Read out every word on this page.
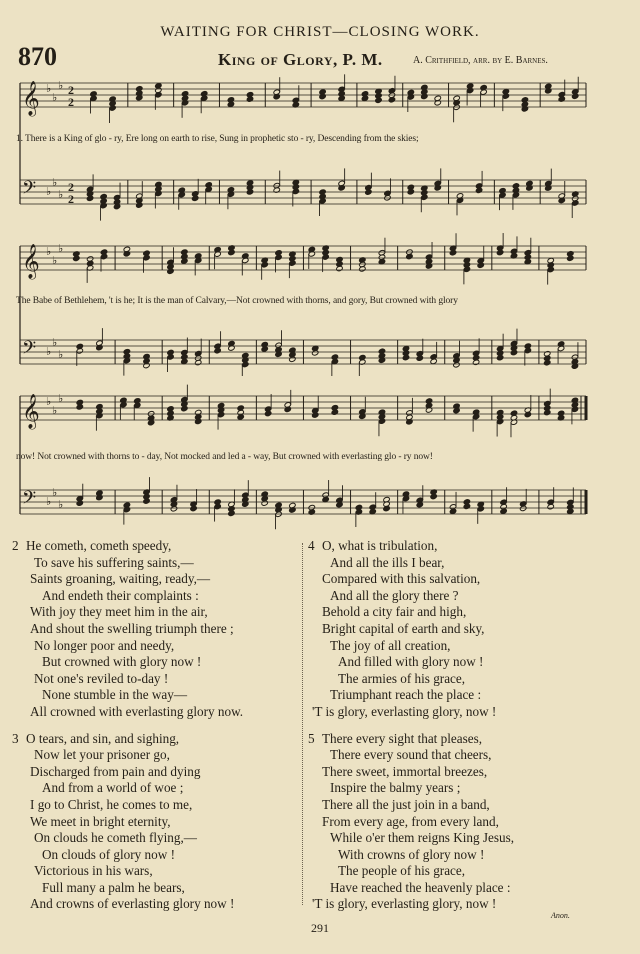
WAITING FOR CHRIST—CLOSING WORK.
870	King of Glory, P. M.	A. Crithfield, arr. by E. Barnes.
𝄞 ♭
♭
♭ 2
2
𝄢 ♭
♭
♭
2
2
1. There is a King of glo - ry, Ere long on earth to rise, Sung in prophetic sto - ry, Descending from the skies;
𝄞 ♭
♭
♭
𝄢 ♭
♭
♭
The Babe of Bethlehem, 't is he; It is the man of Calvary,—Not crowned with thorns, and gory, But crowned with glory
𝄞 ♭
♭
♭
𝄢 ♭
♭
♭
now! Not crowned with thorns to - day, Not mocked and led a - way, But crowned with everlasting glo - ry now!
2 He cometh, cometh speedy,
To save his suffering saints,—
Saints groaning, waiting, ready,—
And endeth their complaints :
With joy they meet him in the air,
And shout the swelling triumph there ;
No longer poor and needy,
But crowned with glory now !
Not one's reviled to-day !
None stumble in the way—
All crowned with everlasting glory now.
3 O tears, and sin, and sighing,
Now let your prisoner go,
Discharged from pain and dying
And from a world of woe ;
I go to Christ, he comes to me,
We meet in bright eternity,
On clouds he cometh flying,—
On clouds of glory now !
Victorious in his wars,
Full many a palm he bears,
And crowns of everlasting glory now !
4 O, what is tribulation,
And all the ills I bear,
Compared with this salvation,
And all the glory there ?
Behold a city fair and high,
Bright capital of earth and sky,
The joy of all creation,
And filled with glory now !
The armies of his grace,
Triumphant reach the place :
'T is glory, everlasting glory, now !
5 There every sight that pleases,
There every sound that cheers,
There sweet, immortal breezes,
Inspire the balmy years ;
There all the just join in a band,
From every age, from every land,
While o'er them reigns King Jesus,
With crowns of glory now !
The people of his grace,
Have reached the heavenly place :
'T is glory, everlasting glory, now !
Anon.
291
